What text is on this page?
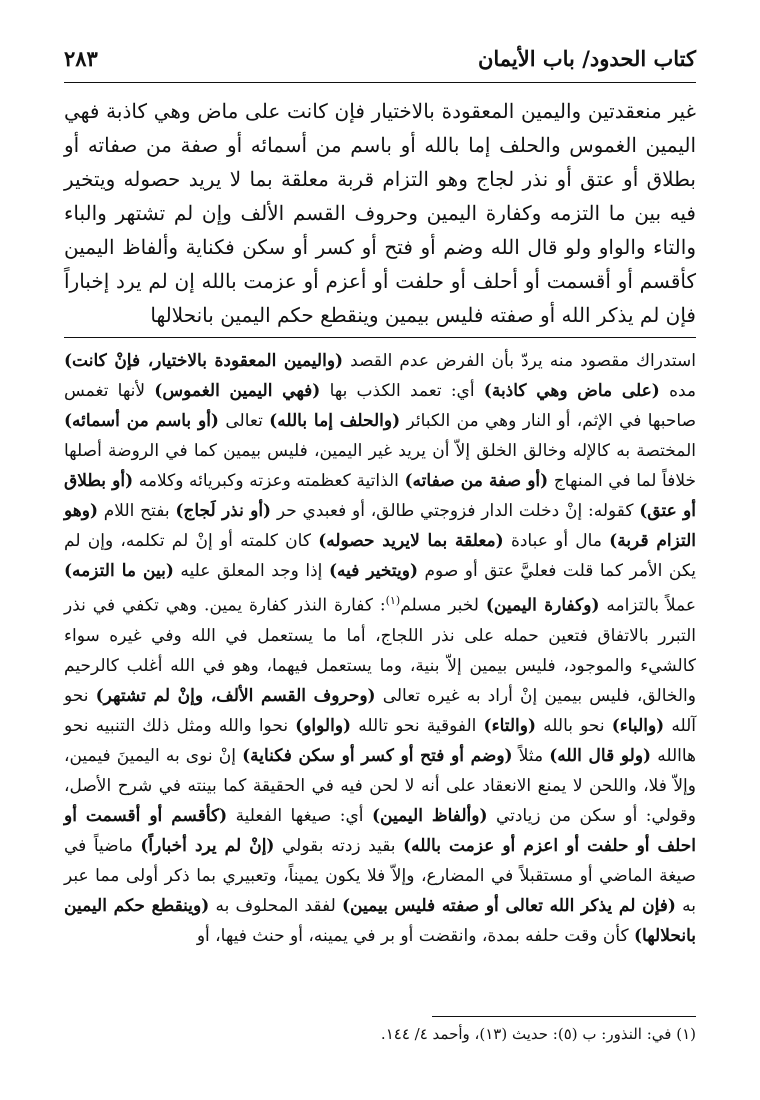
كتاب الحدود/ باب الأيمان
٢٨٣

غير منعقدتين واليمين المعقودة بالاختيار فإن كانت على ماض وهي كاذبة فهي اليمين الغموس والحلف إما بالله أو باسم من أسمائه أو صفة من صفاته أو بطلاق أو عتق أو نذر لجاج وهو التزام قربة معلقة بما لا يريد حصوله ويتخير فيه بين ما التزمه وكفارة اليمين وحروف القسم الألف وإن لم تشتهر والباء والتاء والواو ولو قال الله وضم أو فتح أو كسر أو سكن فكناية وألفاظ اليمين كأقسم أو أقسمت أو أحلف أو حلفت أو أعزم أو عزمت بالله إن لم يرد إخباراً فإن لم يذكر الله أو صفته فليس بيمين وينقطع حكم اليمين بانحلالها

استدراك مقصود منه يردّ بأن الفرض عدم القصد (واليمين المعقودة بالاختيار، فإنْ كانت) مده (على ماض وهي كاذبة) أي: تعمد الكذب بها (فهي اليمين الغموس) لأنها تغمس صاحبها في الإثم، أو النار وهي من الكبائر (والحلف إما بالله) تعالى (أو باسم من أسمائه) المختصة به كالإله وخالق الخلق إلاّ أن يريد غير اليمين، فليس بيمين كما في الروضة أصلها خلافاً لما في المنهاج (أو صفة من صفاته) الذاتية كعظمته وعزته وكبريائه وكلامه (أو بطلاق أو عتق) كقوله: إنْ دخلت الدار فزوجتي طالق، أو فعبدي حر (أو نذر لَجاج) بفتح اللام (وهو التزام قربة) مال أو عبادة (معلقة بما لايريد حصوله) كان كلمته أو إنْ لم تكلمه، وإن لم يكن الأمر كما قلت فعليَّ عتق أو صوم (ويتخير فيه) إذا وجد المعلق عليه (بين ما التزمه) عملاً بالتزامه (وكفارة اليمين) لخبر مسلم$^{(١)}$: كفارة النذر كفارة يمين. وهي تكفي في نذر التبرر بالاتفاق فتعين حمله على نذر اللجاج، أما ما يستعمل في الله وفي غيره سواء كالشيء والموجود، فليس بيمين إلاّ بنية، وما يستعمل فيهما، وهو في الله أغلب كالرحيم والخالق، فليس بيمين إنْ أراد به غيره تعالى (وحروف القسم الألف، وإنْ لم تشتهر) نحو آلله (والباء) نحو بالله (والتاء) الفوقية نحو تالله (والواو) نحوا والله ومثل ذلك التنبيه نحو هاالله (ولو قال الله) مثلاً (وضم أو فتح أو كسر أو سكن فكناية) إنْ نوى به اليمينَ فيمين، وإلاّ فلا، واللحن لا يمنع الانعقاد على أنه لا لحن فيه في الحقيقة كما بينته في شرح الأصل، وقولي: أو سكن من زيادتي (وألفاظ اليمين) أي: صيغها الفعلية (كأقسم أو أقسمت أو احلف أو حلفت أو اعزم أو عزمت بالله) بقيد زدته بقولي (إنْ لم يرد أخباراً) ماضياً في صيغة الماضي أو مستقبلاً في المضارع، وإلاّ فلا يكون يميناً، وتعبيري بما ذكر أولى مما عبر به (فإن لم يذكر الله تعالى أو صفته فليس بيمين) لفقد المحلوف به (وينقطع حكم اليمين بانحلالها) كأن وقت حلفه بمدة، وانقضت أو بر في يمينه، أو حنث فيها، أو

(١) في: النذور: ب (٥): حديث (١٣)، وأحمد ٤/ ١٤٤.
